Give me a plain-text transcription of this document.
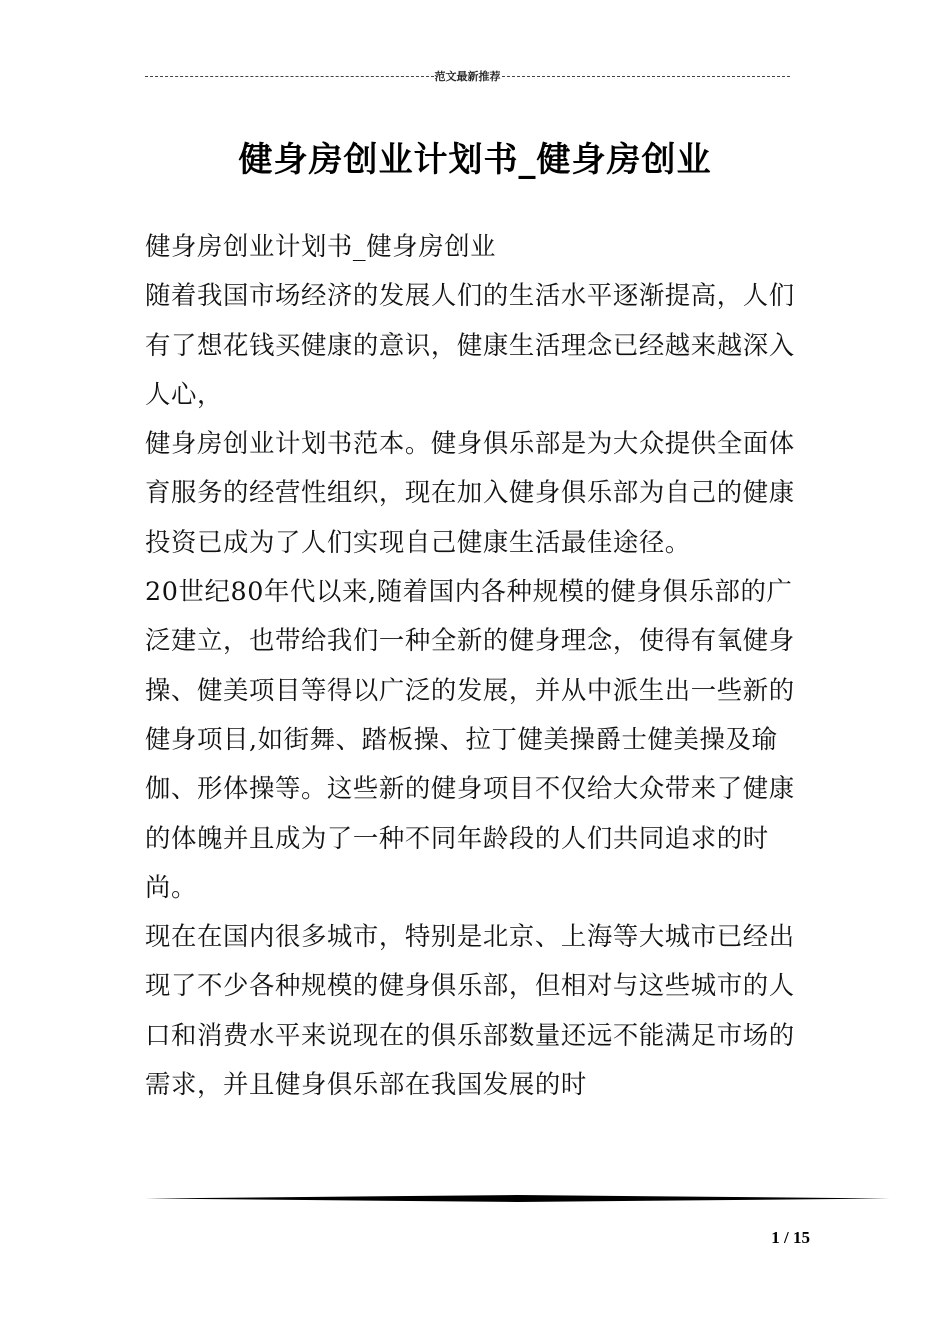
范文最新推荐
健身房创业计划书_健身房创业

健身房创业计划书_健身房创业

随着我国市场经济的发展人们的生活水平逐渐提高，人们有了想花钱买健康的意识，健康生活理念已经越来越深入人心，

健身房创业计划书范本。健身俱乐部是为大众提供全面体育服务的经营性组织，现在加入健身俱乐部为自己的健康投资已成为了人们实现自己健康生活最佳途径。

20世纪80年代以来,随着国内各种规模的健身俱乐部的广泛建立，也带给我们一种全新的健身理念，使得有氧健身操、健美项目等得以广泛的发展，并从中派生出一些新的健身项目,如街舞、踏板操、拉丁健美操爵士健美操及瑜伽、形体操等。这些新的健身项目不仅给大众带来了健康的体魄并且成为了一种不同年龄段的人们共同追求的时尚。

现在在国内很多城市，特别是北京、上海等大城市已经出现了不少各种规模的健身俱乐部，但相对与这些城市的人口和消费水平来说现在的俱乐部数量还远不能满足市场的需求，并且健身俱乐部在我国发展的时

1 / 15
